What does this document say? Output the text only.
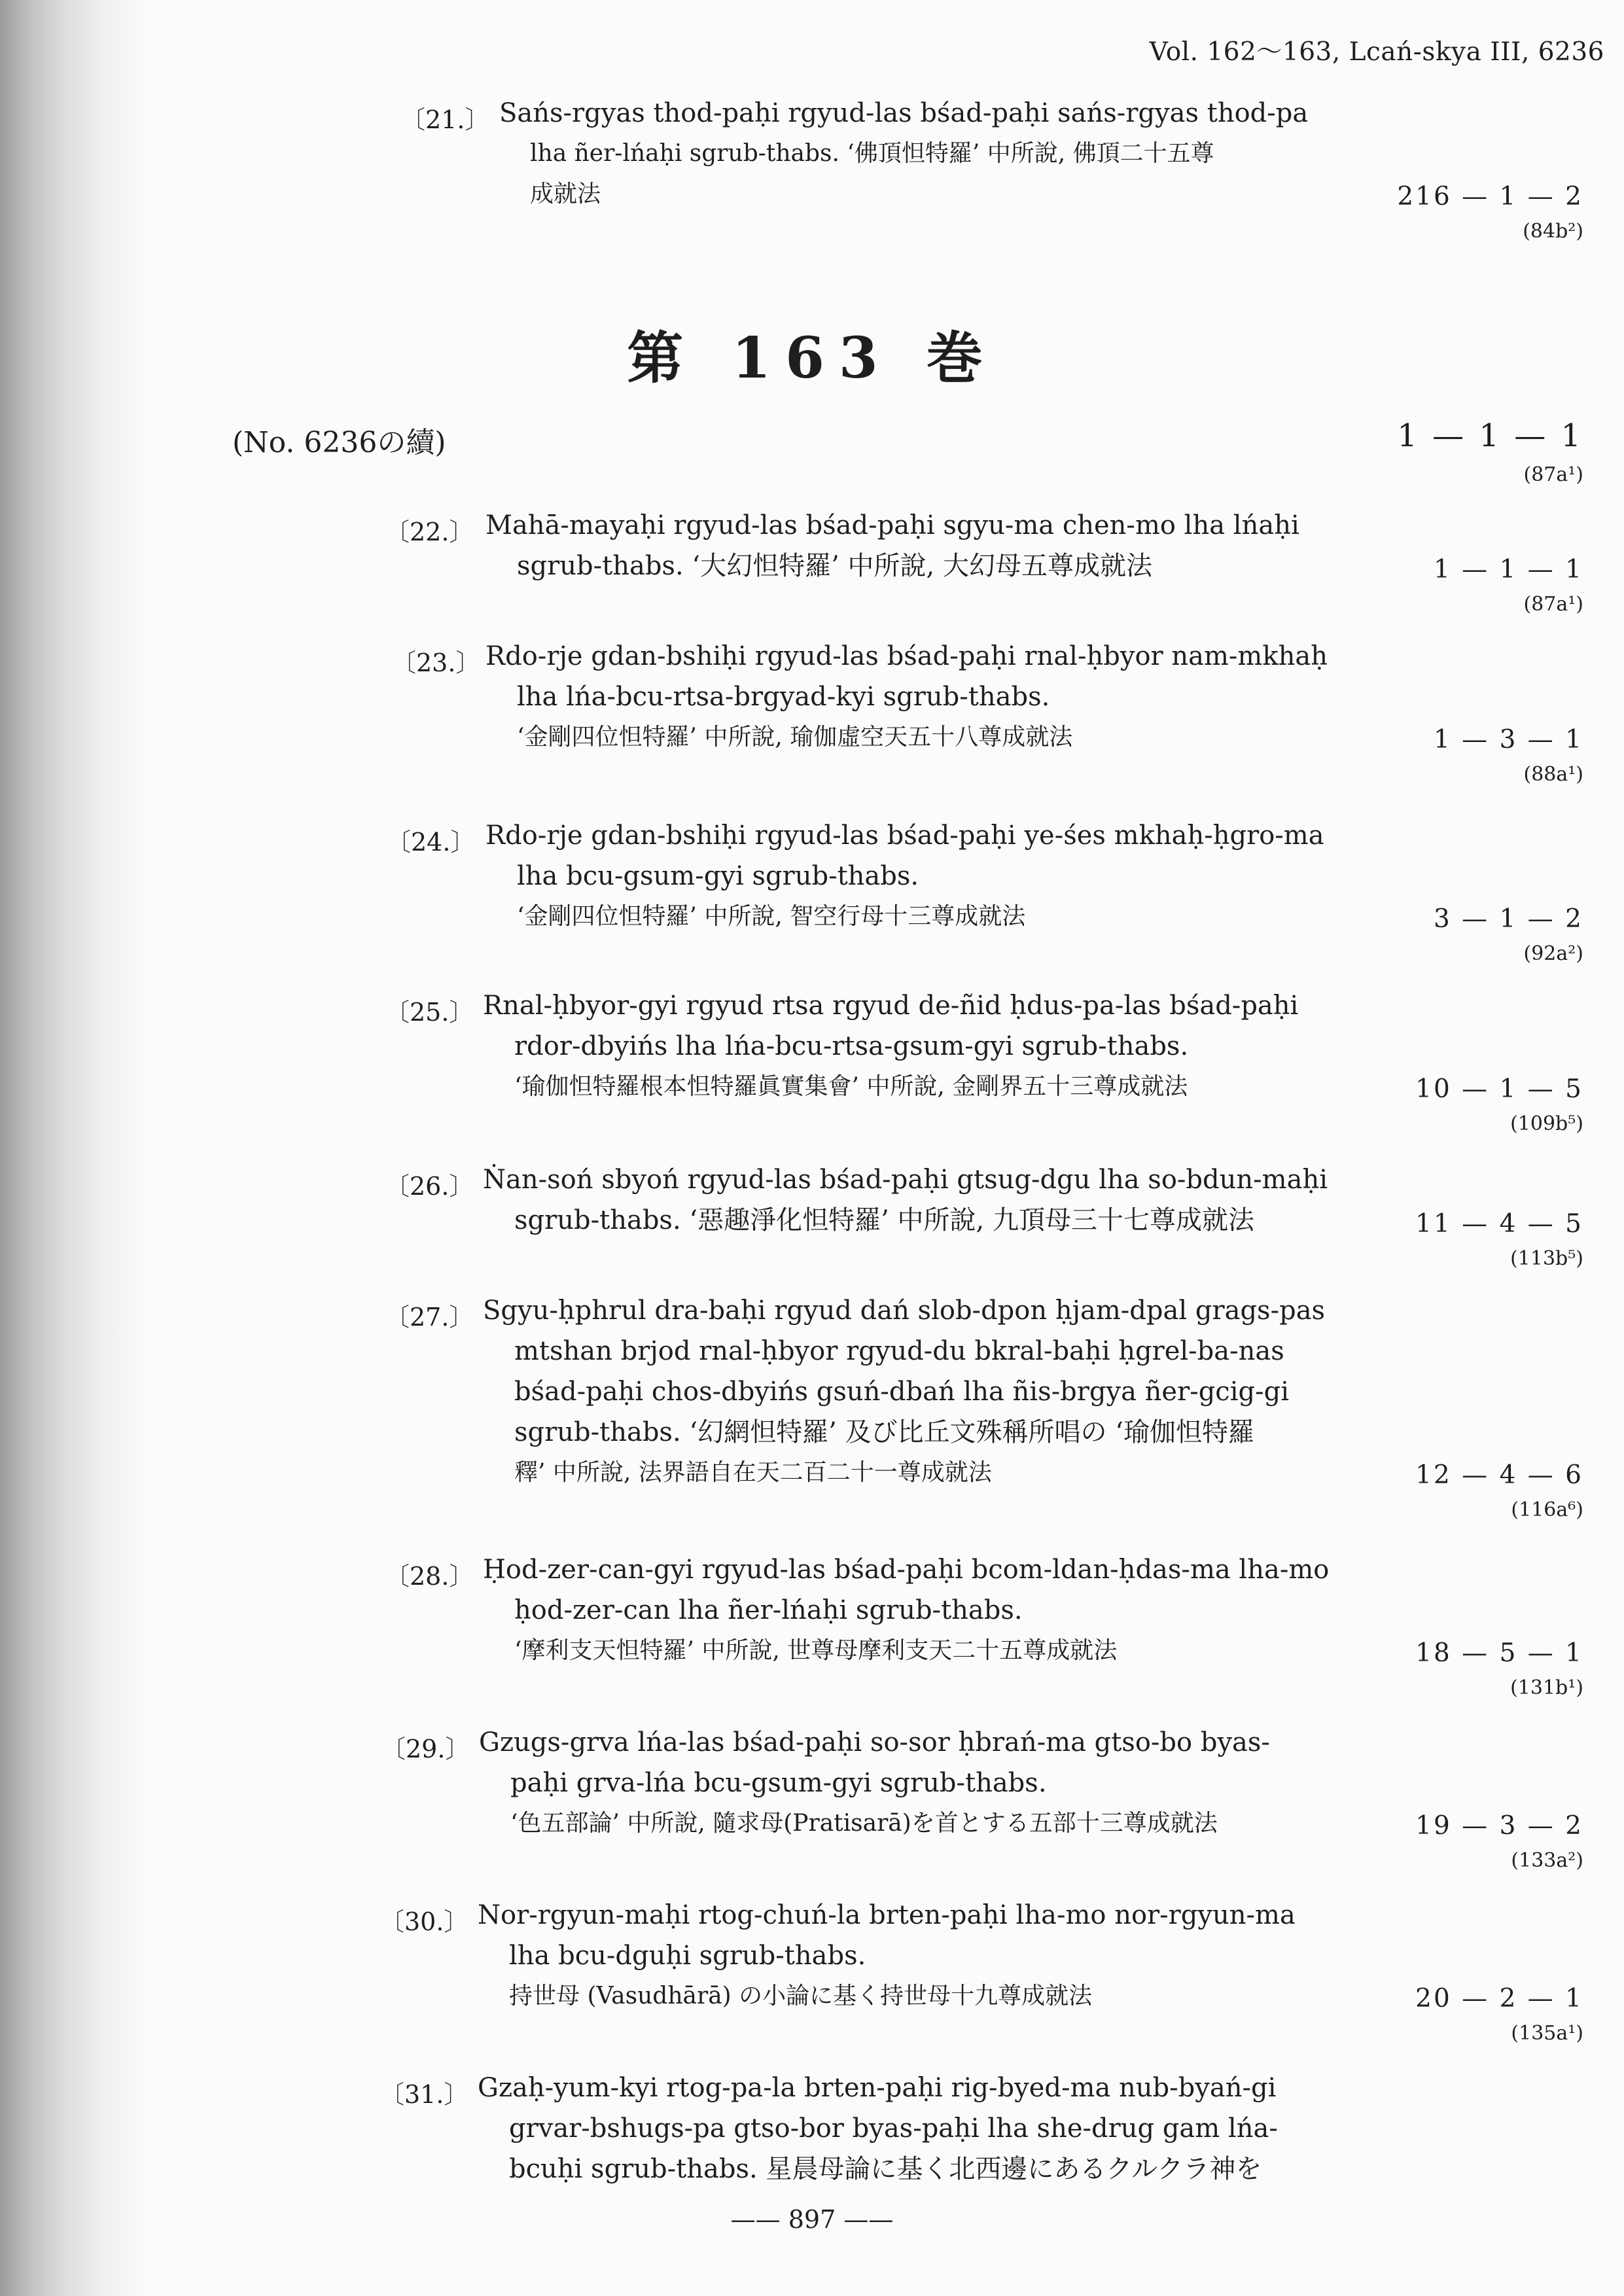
Vol. 162～163, Lcań-skya III, 6236
第 163 巻
(No. 6236の續)	1 — 1 — 1
(87a¹)
〔21.〕 Sańs-rgyas thod-paḥi rgyud-las bśad-paḥi sańs-rgyas thod-pa
lha ñer-lńaḥi sgrub-thabs. ‘佛頂怛特羅’ 中所說, 佛頂二十五尊
成就法	216 — 1 — 2
(84b²)
〔22.〕 Mahā-mayaḥi rgyud-las bśad-paḥi sgyu-ma chen-mo lha lńaḥi
sgrub-thabs. ‘大幻怛特羅’ 中所說, 大幻母五尊成就法	1 — 1 — 1
(87a¹)
〔23.〕 Rdo-rje gdan-bshiḥi rgyud-las bśad-paḥi rnal-ḥbyor nam-mkhaḥ
lha lńa-bcu-rtsa-brgyad-kyi sgrub-thabs.
‘金剛四位怛特羅’ 中所說, 瑜伽虛空天五十八尊成就法	1 — 3 — 1
(88a¹)
〔24.〕 Rdo-rje gdan-bshiḥi rgyud-las bśad-paḥi ye-śes mkhaḥ-ḥgro-ma
lha bcu-gsum-gyi sgrub-thabs.
‘金剛四位怛特羅’ 中所說, 智空行母十三尊成就法	3 — 1 — 2
(92a²)
〔25.〕 Rnal-ḥbyor-gyi rgyud rtsa rgyud de-ñid ḥdus-pa-las bśad-paḥi
rdor-dbyińs lha lńa-bcu-rtsa-gsum-gyi sgrub-thabs.
‘瑜伽怛特羅根本怛特羅眞實集會’ 中所說, 金剛界五十三尊成就法	10 — 1 — 5
(109b⁵)
〔26.〕 Ṅan-soń sbyoń rgyud-las bśad-paḥi gtsug-dgu lha so-bdun-maḥi
sgrub-thabs. ‘惡趣淨化怛特羅’ 中所說, 九頂母三十七尊成就法	11 — 4 — 5
(113b⁵)
〔27.〕 Sgyu-ḥphrul dra-baḥi rgyud dań slob-dpon ḥjam-dpal grags-pas
mtshan brjod rnal-ḥbyor rgyud-du bkral-baḥi ḥgrel-ba-nas
bśad-paḥi chos-dbyińs gsuń-dbań lha ñis-brgya ñer-gcig-gi
sgrub-thabs. ‘幻網怛特羅’ 及び比丘文殊稱所唱の ‘瑜伽怛特羅
釋’ 中所說, 法界語自在天二百二十一尊成就法	12 — 4 — 6
(116a⁶)
〔28.〕 Ḥod-zer-can-gyi rgyud-las bśad-paḥi bcom-ldan-ḥdas-ma lha-mo
ḥod-zer-can lha ñer-lńaḥi sgrub-thabs.
‘摩利支天怛特羅’ 中所說, 世尊母摩利支天二十五尊成就法	18 — 5 — 1
(131b¹)
〔29.〕 Gzugs-grva lńa-las bśad-paḥi so-sor ḥbrań-ma gtso-bo byas-
paḥi grva-lńa bcu-gsum-gyi sgrub-thabs.
‘色五部論’ 中所說, 隨求母(Pratisarā)を首とする五部十三尊成就法	19 — 3 — 2
(133a²)
〔30.〕 Nor-rgyun-maḥi rtog-chuń-la brten-paḥi lha-mo nor-rgyun-ma
lha bcu-dguḥi sgrub-thabs.
持世母 (Vasudhārā) の小論に基く持世母十九尊成就法	20 — 2 — 1
(135a¹)
〔31.〕 Gzaḥ-yum-kyi rtog-pa-la brten-paḥi rig-byed-ma nub-byań-gi
grvar-bshugs-pa gtso-bor byas-paḥi lha she-drug gam lńa-
bcuḥi sgrub-thabs. 星晨母論に基く北西邊にあるクルクラ神を
—— 897 ——
